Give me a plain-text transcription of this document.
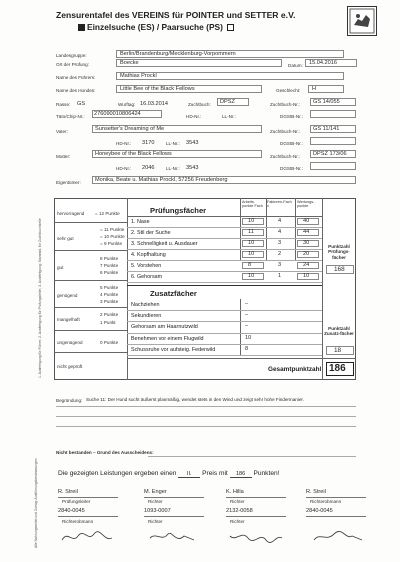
Zensurentafel des VEREINS für POINTER und SETTER e.V.
Einzelsuche (ES) / Paarsuche (PS)
Landesgruppe:	Berlin/Brandenburg/Mecklenburg-Vorpommern
Ort der Prüfung:	Boecke	Datum: 15.04.2016
Name des Führers:	Mathias Prockl
Name des Hundes:	Little Bee of the Black Fellows	Geschlecht: H
Rasse: GS	Wurftag: 16.03.2014	Zuchtbuch: DPSZ	Zuchtbuch-Nr.: GS 14/055
Täto/Chip-Nr.: 276090010806424	HD-Nr.:	LL-Nr.:	DGStB-Nr.:
Vater:	Sunsetter's Dreaming of Me	Zuchtbuch-Nr.: GS 11/141
HD-Nr.: 3170	LL-Nr.: 3543	DGStB-Nr.:
Mutter:	Honeybee of the Black Fellows	Zuchtbuch-Nr.: DPSZ 173/06
HD-Nr.: 2046	LL-Nr.: 3543	DGStB-Nr.:
Eigentümer:	Monika, Beate u. Mathias Prockl, 57256 Freudenberg
hervorragend = 12 Punkte
sehr gut
= 11 Punkte
= 10 Punkte
= 9 Punkte
gut
8 Punkte
7 Punkte
6 Punkte
genügend
5 Punkte
4 Punkte
3 Punkte
mangelhaft
2 Punkte
1 Punkt
ungenügend	0 Punkte
nicht geprüft
Prüfungsfächer
Arbeits-punkte Fach
Faktoren-Fach x
Wertungs-punkte
1. Nase	10	4	40
2. Stil der Suche	11	4	44
3. Schnelligkeit u. Ausdauer	10	3	30
4. Kopfhaltung	10	2	20
5. Vorstehen	8	3	24
6. Gehorsam	10	1	10
Punktzahl Prüfungs-fächer
168
Zusatzfächer
Nachziehen	–
Sekundieren	–
Gehorsam am Haarnutzwild	–
Benehmen vor einem Flugwild	10
Schussruhe vor aufsteig. Federwild	8
Punktzahl Zusatz-fächer
18
Gesamtpunktzahl 186
Begründung: Suche 11: Der Hund sucht äußerst planmäßig, wendet stets in den Wind und zeigt sehr hohe Findermanier.
Nicht bestanden – Grund des Ausscheidens:
Die gezeigten Leistungen ergeben einen II. Preis mit 186 Punkten!
R. Streil
Prüfungsleiter
2840-0045
Richterobmann
M. Enger
Richter
1093-0007
Richter
K. Hilla
Richter
2132-0058
Richter
R. Streil
Richterobmann
2840-0045
1. Ausfertigung für Führer, 2. Ausfertigung für Prüfungsleiter, 3. Ausfertigung: Stammbl. für Zuchtbuchstelle
Alle Nahrungsmittel und Zutrag: Ausführungsbestimmungen
